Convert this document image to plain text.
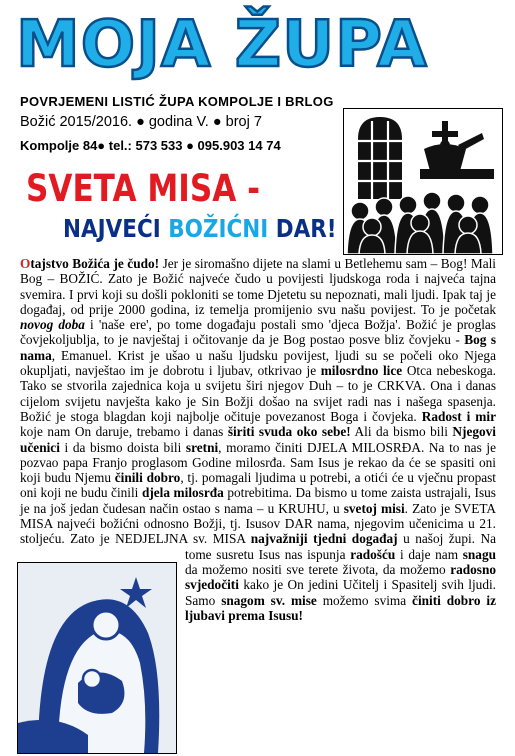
MOJA ŽUPA
POVRJEMENI LISTIĆ ŽUPA KOMPOLJE I BRLOG
Božić 2015/2016. ● godina V. ● broj 7
Kompolje 84● tel.: 573 533 ● 095.903 14 74
SVETA MISA -
NAJVEĆI BOŽIĆNI DAR!
Otajstvo Božića je čudo! Jer je siromašno dijete na slami u Betlehemu sam – Bog! Mali Bog – BOŽIĆ. Zato je Božić najveće čudo u povijesti ljudskoga roda i najveća tajna svemira. I prvi koji su došli pokloniti se tome Djetetu su nepoznati, mali ljudi. Ipak taj je događaj, od prije 2000 godina, iz temelja promijenio svu našu povijest. To je početak novog doba i 'naše ere', po tome događaju postali smo 'djeca Božja'. Božić je proglas čovjekoljublja, to je navještaj i očitovanje da je Bog postao posve bliz čovjeku - Bog s nama, Emanuel. Krist je ušao u našu ljudsku povijest, ljudi su se počeli oko Njega okupljati, navještao im je dobrotu i ljubav, otkrivao je milosrdno lice Otca nebeskoga. Tako se stvorila zajednica koja u svijetu širi njegov Duh – to je CRKVA. Ona i danas cijelom svijetu navješta kako je Sin Božji došao na svijet radi nas i našega spasenja. Božić je stoga blagdan koji najbolje očituje povezanost Boga i čovjeka. Radost i mir koje nam On daruje, trebamo i danas širiti svuda oko sebe! Ali da bismo bili Njegovi učenici i da bismo doista bili sretni, moramo činiti DJELA MILOSRĐA. Na to nas je pozvao papa Franjo proglasom Godine milosrđa. Sam Isus je rekao da će se spasiti oni koji budu Njemu činili dobro, tj. pomagali ljudima u potrebi, a otići će u vječnu propast oni koji ne budu činili djela milosrđa potrebitima. Da bismo u tome zaista ustrajali, Isus je na još jedan čudesan način ostao s nama – u KRUHU, u svetoj misi. Zato je SVETA MISA najveći božićni odnosno Božji, tj. Isusov DAR nama, njegovim učenicima u 21. stoljeću. Zato je NEDJELJNA sv. MISA najvažniji tjedni događaj u našoj župi. Na tome susretu Isus nas ispunja radošću i daje nam snagu da možemo nositi sve terete života, da možemo radosno svjedočiti kako je On jedini Učitelj i Spasitelj svih ljudi. Samo snagom sv. mise možemo svima činiti dobro iz ljubavi prema Isusu!
